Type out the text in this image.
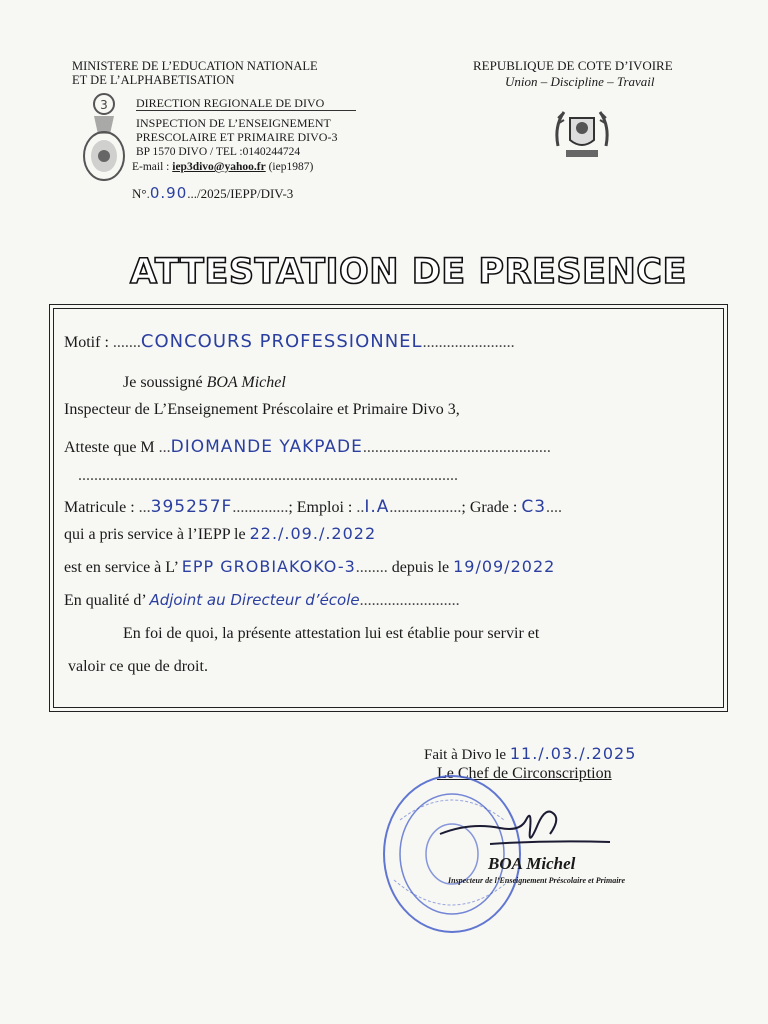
MINISTERE DE L’EDUCATION NATIONALE
ET DE L’ALPHABETISATION
3 DIRECTION REGIONALE DE DIVO
INSPECTION DE L’ENSEIGNEMENT
PRESCOLAIRE ET PRIMAIRE DIVO-3
BP 1570 DIVO / TEL :0140244724
E-mail : iep3divo@yahoo.fr (iep1987)
N°.0.90.../2025/IEPP/DIV-3
REPUBLIQUE DE COTE D’IVOIRE
Union – Discipline – Travail
ATTESTATION DE PRESENCE
Motif : .......CONCOURS PROFESSIONNEL.......................
Je soussigné BOA Michel
Inspecteur de L’Enseignement Préscolaire et Primaire Divo 3,
Atteste que M ...DIOMANDE YAKPADE...............................................
...............................................................................................
Matricule : ...395257F..............; Emploi : ..I.A..................; Grade : C3....
qui a pris service à l’IEPP le 22./.09./.2022
est en service à L’ EPP GROBIAKOKO-3........ depuis le 19/09/2022
En qualité d’ Adjoint au Directeur d’école.........................
En foi de quoi, la présente attestation lui est établie pour servir et
valoir ce que de droit.
Fait à Divo le 11./.03./.2025
Le Chef de Circonscription
BOA Michel
Inspecteur de l’Enseignement Préscolaire et Primaire
